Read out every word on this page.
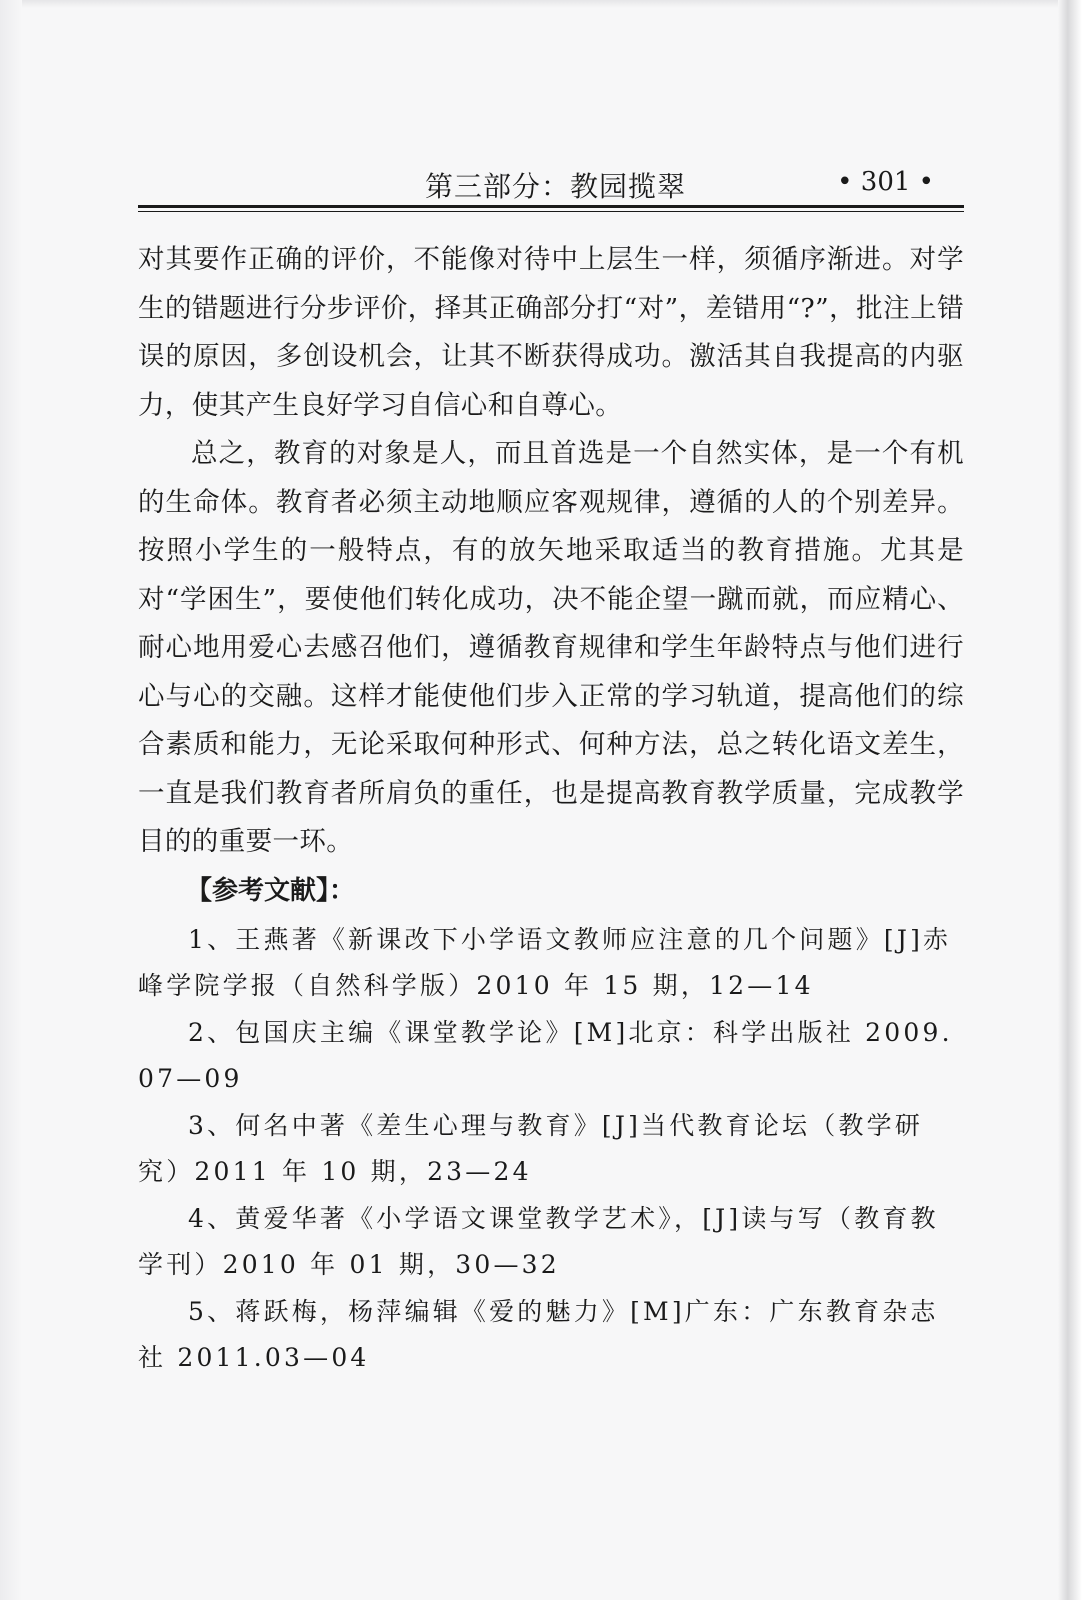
第三部分：教园揽翠	• 301 •

对其要作正确的评价，不能像对待中上层生一样，须循序渐进。对学生的错题进行分步评价，择其正确部分打“对”，差错用“?”，批注上错误的原因，多创设机会，让其不断获得成功。激活其自我提高的内驱力，使其产生良好学习自信心和自尊心。

总之，教育的对象是人，而且首选是一个自然实体，是一个有机的生命体。教育者必须主动地顺应客观规律，遵循的人的个别差异。按照小学生的一般特点，有的放矢地采取适当的教育措施。尤其是对“学困生”，要使他们转化成功，决不能企望一蹴而就，而应精心、耐心地用爱心去感召他们，遵循教育规律和学生年龄特点与他们进行心与心的交融。这样才能使他们步入正常的学习轨道，提高他们的综合素质和能力，无论采取何种形式、何种方法，总之转化语文差生，一直是我们教育者所肩负的重任，也是提高教育教学质量，完成教学目的的重要一环。

【参考文献】：

1、王燕著《新课改下小学语文教师应注意的几个问题》[J]赤峰学院学报（自然科学版）2010 年 15 期，12—14

2、包国庆主编《课堂教学论》[M]北京：科学出版社 2009.07—09

3、何名中著《差生心理与教育》[J]当代教育论坛（教学研究）2011 年 10 期，23—24

4、黄爱华著《小学语文课堂教学艺术》，[J]读与写（教育教学刊）2010 年 01 期，30—32

5、蒋跃梅，杨萍编辑《爱的魅力》[M]广东：广东教育杂志社 2011.03—04
